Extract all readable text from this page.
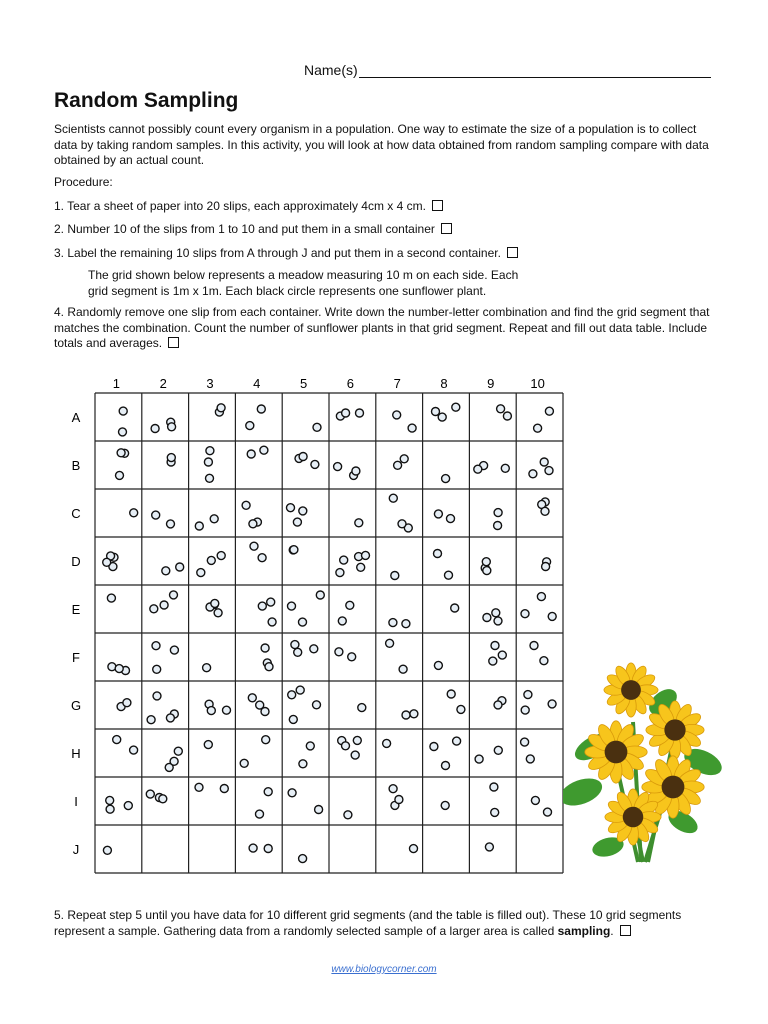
Name(s)
Random Sampling

Scientists cannot possibly count every organism in a population. One way to estimate the size of a population is to collect data by taking random samples. In this activity, you will look at how data obtained from random sampling compare with data obtained by an actual count.

Procedure:

1. Tear a sheet of paper into 20 slips, each approximately 4cm x 4 cm.

2. Number 10 of the slips from 1 to 10 and put them in a small container

3. Label the remaining 10 slips from A through J and put them in a second container.

The grid shown below represents a meadow measuring 10 m on each side. Each

grid segment is 1m x 1m. Each black circle represents one sunflower plant.

4. Randomly remove one slip from each container. Write down the number-letter combination and find the grid segment that matches the combination. Count the number of sunflower plants in that grid segment. Repeat and fill out data table. Include totals and averages.

1	2	3	4	5	6	7	8	9	10
A
B
C
D
E
F
G
H
I
J

5. Repeat step 5 until you have data for 10 different grid segments (and the table is filled out). These 10 grid segments represent a sample. Gathering data from a randomly selected sample of a larger area is called sampling.

www.biologycorner.com
